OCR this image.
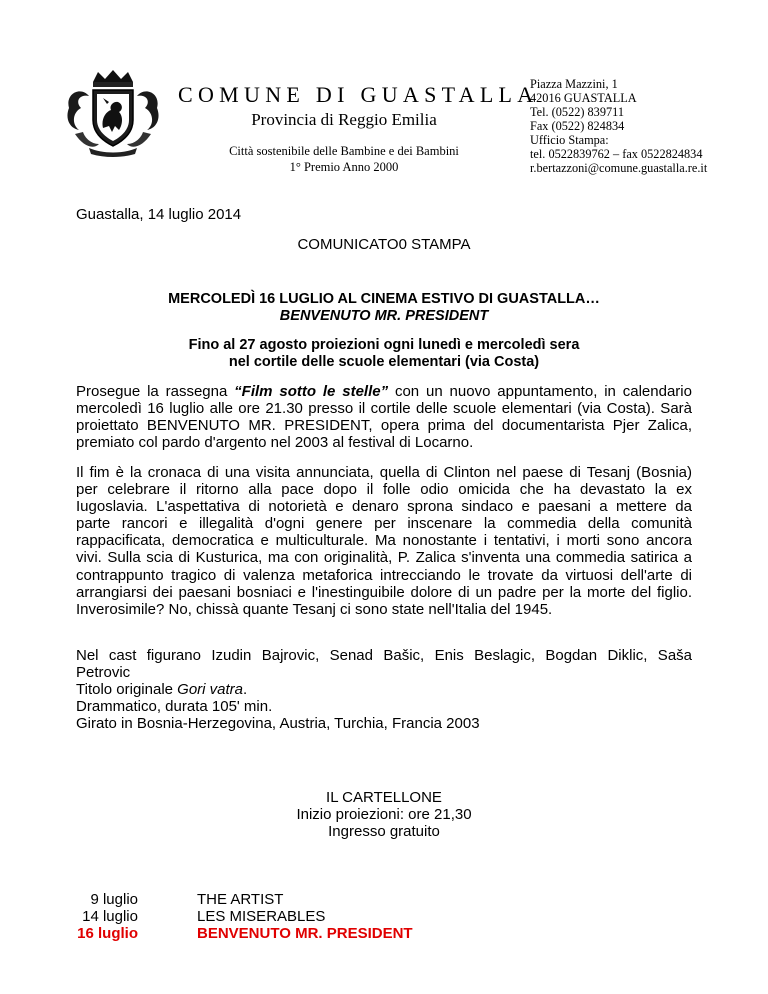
COMUNE DI GUASTALLA
Provincia di Reggio Emilia
Città sostenibile delle Bambine e dei Bambini
1° Premio Anno 2000
Piazza Mazzini, 1
42016 GUASTALLA
Tel. (0522) 839711
Fax (0522) 824834
Ufficio Stampa:
tel. 0522839762 – fax 0522824834
r.bertazzoni@comune.guastalla.re.it
Guastalla, 14 luglio 2014
COMUNICATO0 STAMPA
MERCOLEDÌ 16 LUGLIO AL CINEMA ESTIVO DI GUASTALLA…
BENVENUTO MR. PRESIDENT
Fino al 27 agosto proiezioni ogni lunedì e mercoledì sera
nel cortile delle scuole elementari (via Costa)
Prosegue la rassegna “Film sotto le stelle” con un nuovo appuntamento, in calendario
mercoledì 16 luglio alle ore 21.30 presso il cortile delle scuole elementari (via Costa). Sarà
proiettato BENVENUTO MR. PRESIDENT, opera prima del documentarista Pjer Zalica,
premiato col pardo d'argento nel 2003 al festival di Locarno.
Il fim è la cronaca di una visita annunciata, quella di Clinton nel paese di Tesanj (Bosnia)
per celebrare il ritorno alla pace dopo il folle odio omicida che ha devastato la ex
Iugoslavia. L'aspettativa di notorietà e denaro sprona sindaco e paesani a mettere da
parte rancori e illegalità d'ogni genere per inscenare la commedia della comunità
rappacificata, democratica e multiculturale. Ma nonostante i tentativi, i morti sono ancora
vivi. Sulla scia di Kusturica, ma con originalità, P. Zalica s'inventa una commedia satirica a
contrappunto tragico di valenza metaforica intrecciando le trovate da virtuosi dell'arte di
arrangiarsi dei paesani bosniaci e l'inestinguibile dolore di un padre per la morte del figlio.
Inverosimile? No, chissà quante Tesanj ci sono state nell'Italia del 1945.
Nel cast figurano Izudin Bajrovic, Senad Bašic, Enis Beslagic, Bogdan Diklic, Saša
Petrovic
Titolo originale Gori vatra.
Drammatico, durata 105' min.
Girato in Bosnia-Herzegovina, Austria, Turchia, Francia 2003
IL CARTELLONE
Inizio proiezioni: ore 21,30
Ingresso gratuito
9 luglio	THE ARTIST
14 luglio	LES MISERABLES
16 luglio	BENVENUTO MR. PRESIDENT
